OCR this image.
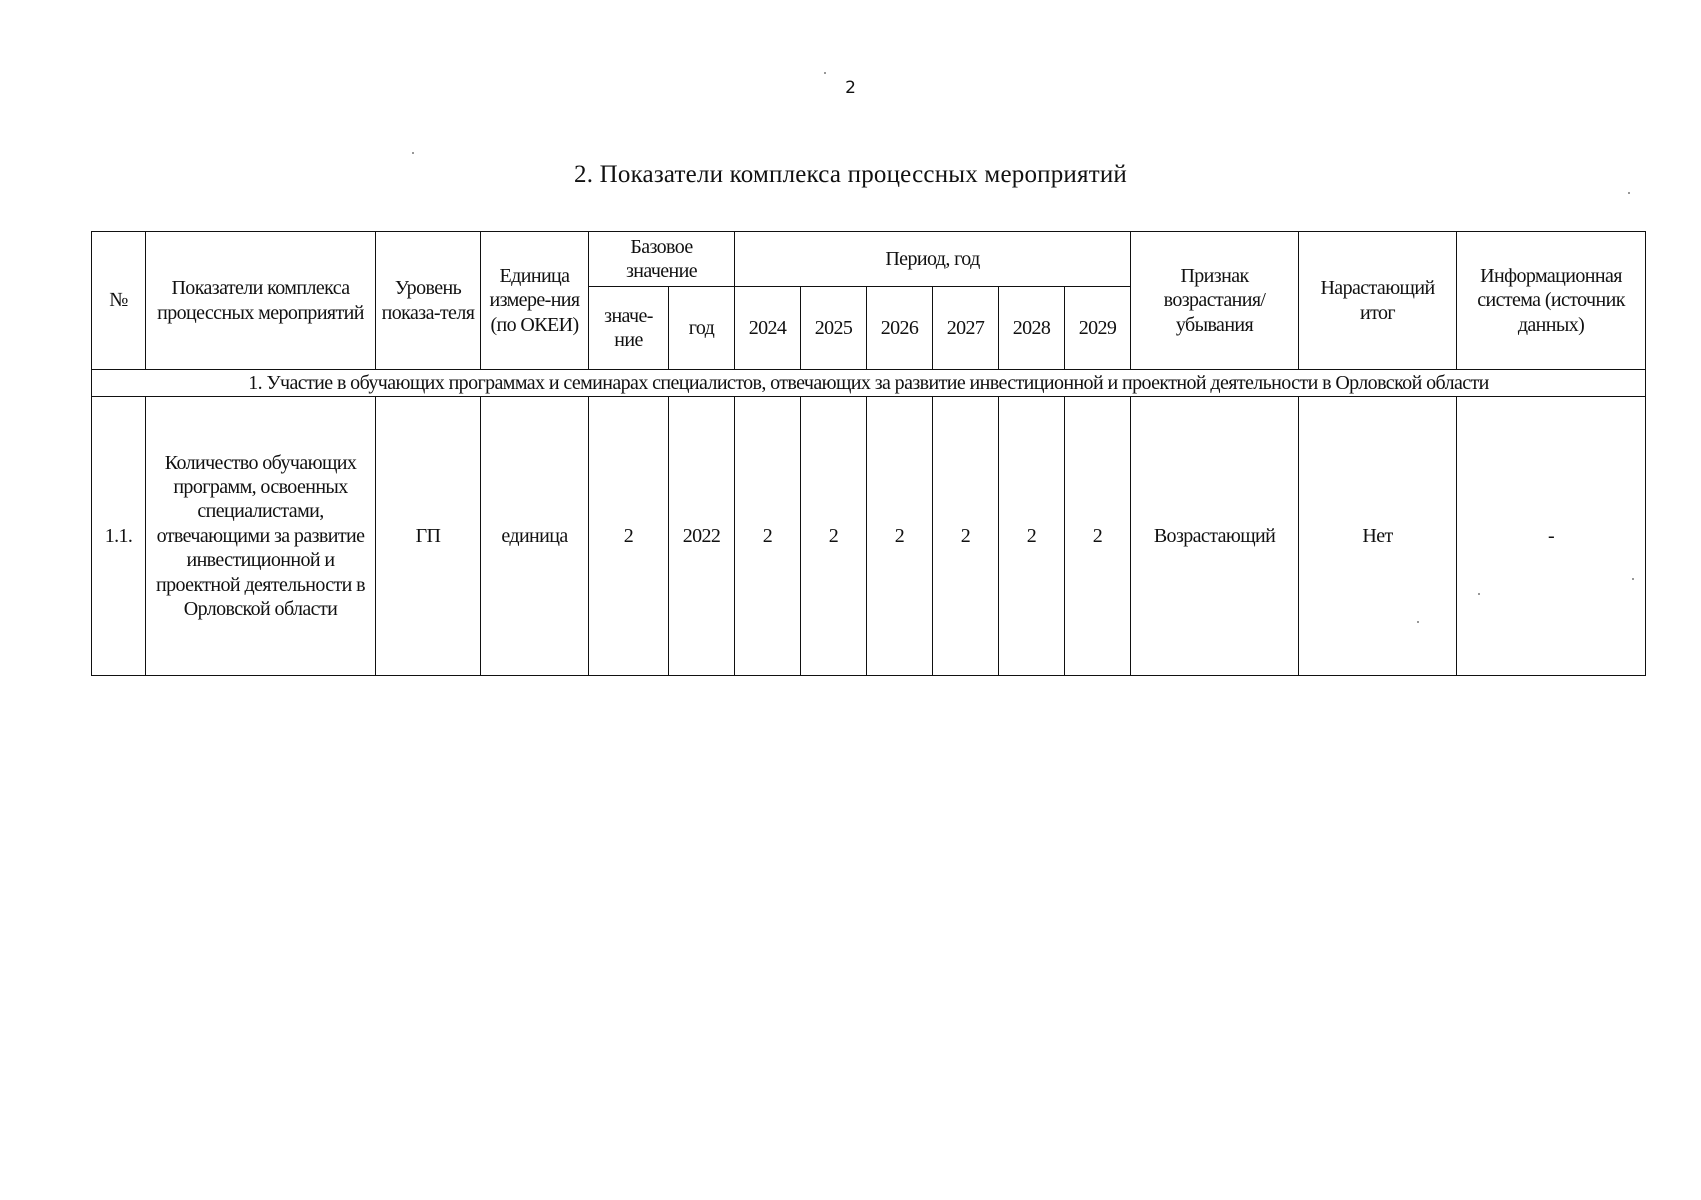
2
2. Показатели комплекса процессных мероприятий
№	Показатели комплекса процессных мероприятий	Уровень показа-теля	Единица измере-ния (по ОКЕИ)	Базовое значение		Период, год						Признак возрастания/ убывания	Нарастающий итог	Информационная система (источник данных)
				значе-ние	год	2024	2025	2026	2027	2028	2029			
1. Участие в обучающих программах и семинарах специалистов, отвечающих за развитие инвестиционной и проектной деятельности в Орловской области														
1.1.	Количество обучающих программ, освоенных специалистами, отвечающими за развитие инвестиционной и проектной деятельности в Орловской области	ГП	единица	2	2022	2	2	2	2	2	2	Возрастающий	Нет	-
